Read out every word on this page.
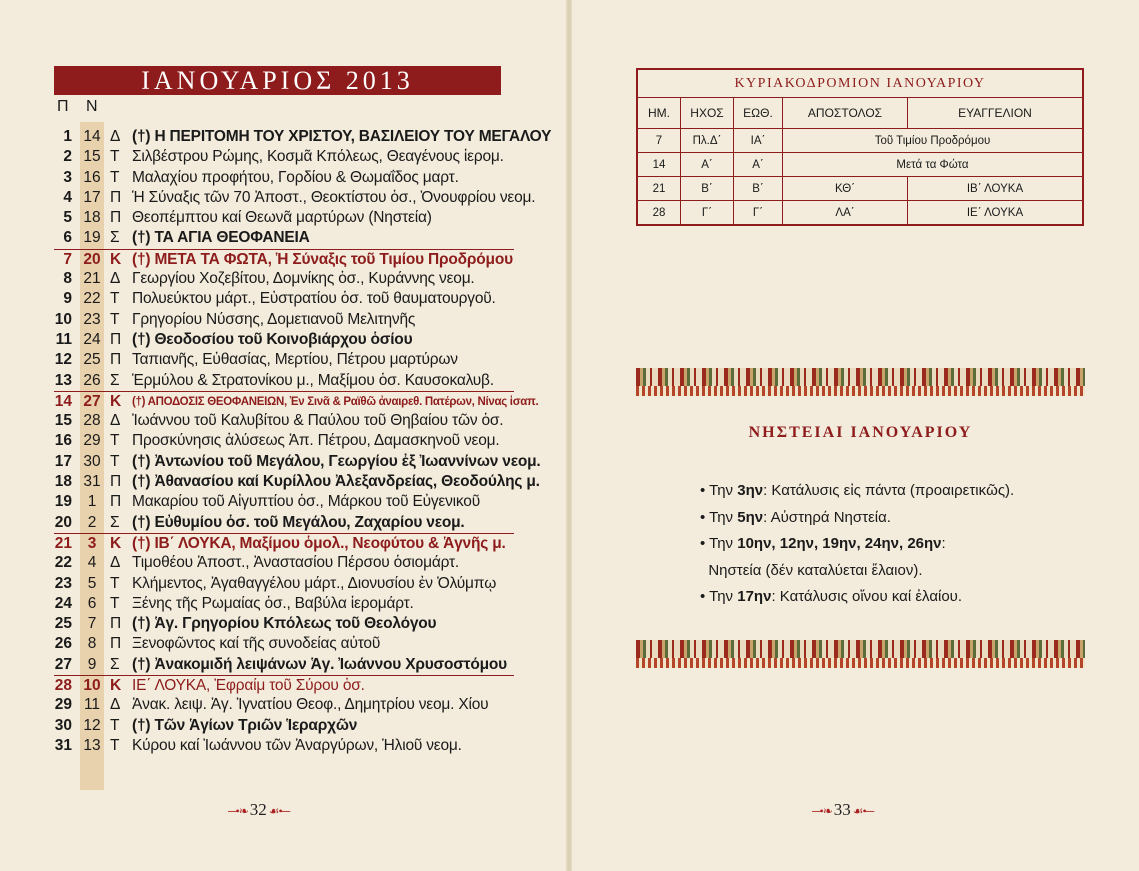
ΙΑΝΟΥΑΡΙΟΣ 2013
Π Ν
1 14 Δ (†) Η ΠΕΡΙΤΟΜΗ ΤΟΥ ΧΡΙΣΤΟΥ, ΒΑΣΙΛΕΙΟΥ ΤΟΥ ΜΕΓΑΛΟΥ
2 15 Τ Σιλβέστρου Ρώμης, Κοσμᾶ Κπόλεως, Θεαγένους ἱερομ.
3 16 Τ Μαλαχίου προφήτου, Γορδίου & Θωμαΐδος μαρτ.
4 17 Π Ἡ Σύναξις τῶν 70 Ἀποστ., Θεοκτίστου ὁσ., Ὀνουφρίου νεομ.
5 18 Π Θεοπέμπτου καί Θεωνᾶ μαρτύρων (Νηστεία)
6 19 Σ (†) ΤΑ ΑΓΙΑ ΘΕΟΦΑΝΕΙΑ
7 20 Κ (†) ΜΕΤΑ ΤΑ ΦΩΤΑ, Ἡ Σύναξις τοῦ Τιμίου Προδρόμου
8 21 Δ Γεωργίου Χοζεβίτου, Δομνίκης ὁσ., Κυράννης νεομ.
9 22 Τ Πολυεύκτου μάρτ., Εὐστρατίου ὁσ. τοῦ θαυματουργοῦ.
10 23 Τ Γρηγορίου Νύσσης, Δομετιανοῦ Μελιτηνῆς
11 24 Π (†) Θεοδοσίου τοῦ Κοινοβιάρχου ὁσίου
12 25 Π Ταπιανῆς, Εὐθασίας, Μερτίου, Πέτρου μαρτύρων
13 26 Σ Ἑρμύλου & Στρατονίκου μ., Μαξίμου ὁσ. Καυσοκαλυβ.
14 27 Κ (†) ΑΠΟΔΟΣΙΣ ΘΕΟΦΑΝΕΙΩΝ, Ἐν Σινᾶ & Ραϊθῶ ἀναιρεθ. Πατέρων, Νίνας ἰσαπ.
15 28 Δ Ἰωάννου τοῦ Καλυβίτου & Παύλου τοῦ Θηβαίου τῶν ὁσ.
16 29 Τ Προσκύνησις ἁλύσεως Ἀπ. Πέτρου, Δαμασκηνοῦ νεομ.
17 30 Τ (†) Ἀντωνίου τοῦ Μεγάλου, Γεωργίου ἐξ Ἰωαννίνων νεομ.
18 31 Π (†) Ἀθανασίου καί Κυρίλλου Ἀλεξανδρείας, Θεοδούλης μ.
19	1 Π Μακαρίου τοῦ Αἰγυπτίου ὁσ., Μάρκου τοῦ Εὐγενικοῦ
20	2 Σ (†) Εὐθυμίου ὁσ. τοῦ Μεγάλου, Ζαχαρίου νεομ.
21	3 Κ (†) ΙΒ΄ ΛΟΥΚΑ, Μαξίμου ὁμολ., Νεοφύτου & Ἁγνῆς μ.
22	4 Δ Τιμοθέου Ἀποστ., Ἀναστασίου Πέρσου ὁσιομάρτ.
23	5 Τ Κλήμεντος, Ἀγαθαγγέλου μάρτ., Διονυσίου ἐν Ὀλύμπῳ
24	6 Τ Ξένης τῆς Ρωμαίας ὁσ., Βαβύλα ἱερομάρτ.
25	7 Π (†) Ἁγ. Γρηγορίου Κπόλεως τοῦ Θεολόγου
26	8 Π Ξενοφῶντος καί τῆς συνοδείας αὐτοῦ
27	9 Σ (†) Ἀνακομιδή λειψάνων Ἁγ. Ἰωάννου Χρυσοστόμου
28 10 Κ ΙΕ΄ ΛΟΥΚΑ, Ἐφραίμ τοῦ Σύρου ὁσ.
29 11 Δ Ἀνακ. λειψ. Ἁγ. Ἰγνατίου Θεοφ., Δημητρίου νεομ. Χίου
30 12 Τ (†) Τῶν Ἁγίων Τριῶν Ἱεραρχῶν
31 13 Τ Κύρου καί Ἰωάννου τῶν Ἀναργύρων, Ἡλιοῦ νεομ.
─•❧ 32 ☙•─
ΚΥΡΙΑΚΟΔΡΟΜΙΟΝ ΙΑΝΟΥΑΡΙΟΥ				
ΗΜ.	ΗΧΟΣ	ΕΩΘ.	ΑΠΟΣΤΟΛΟΣ	ΕΥΑΓΓΕΛΙΟΝ
7	Πλ.Δ΄	ΙΑ΄	Τοῦ Τιμίου Προδρόμου	
14	Α΄	Α΄	Μετά τα Φώτα	
21	Β΄	Β΄	ΚΘ΄	ΙΒ΄ ΛΟΥΚΑ
28	Γ΄	Γ΄	ΛΑ΄	ΙΕ΄ ΛΟΥΚΑ
ΝΗΣΤΕΙΑΙ ΙΑΝΟΥΑΡΙΟΥ
• Την 3ην: Κατάλυσις εἰς πάντα (προαιρετικῶς).
• Την 5ην: Αὐστηρά Νηστεία.
• Την 10ην, 12ην, 19ην, 24ην, 26ην:
Νηστεία (δέν καταλύεται ἔλαιον).
• Την 17ην: Κατάλυσις οἴνου καί ἐλαίου.
─•❧ 33 ☙•─
